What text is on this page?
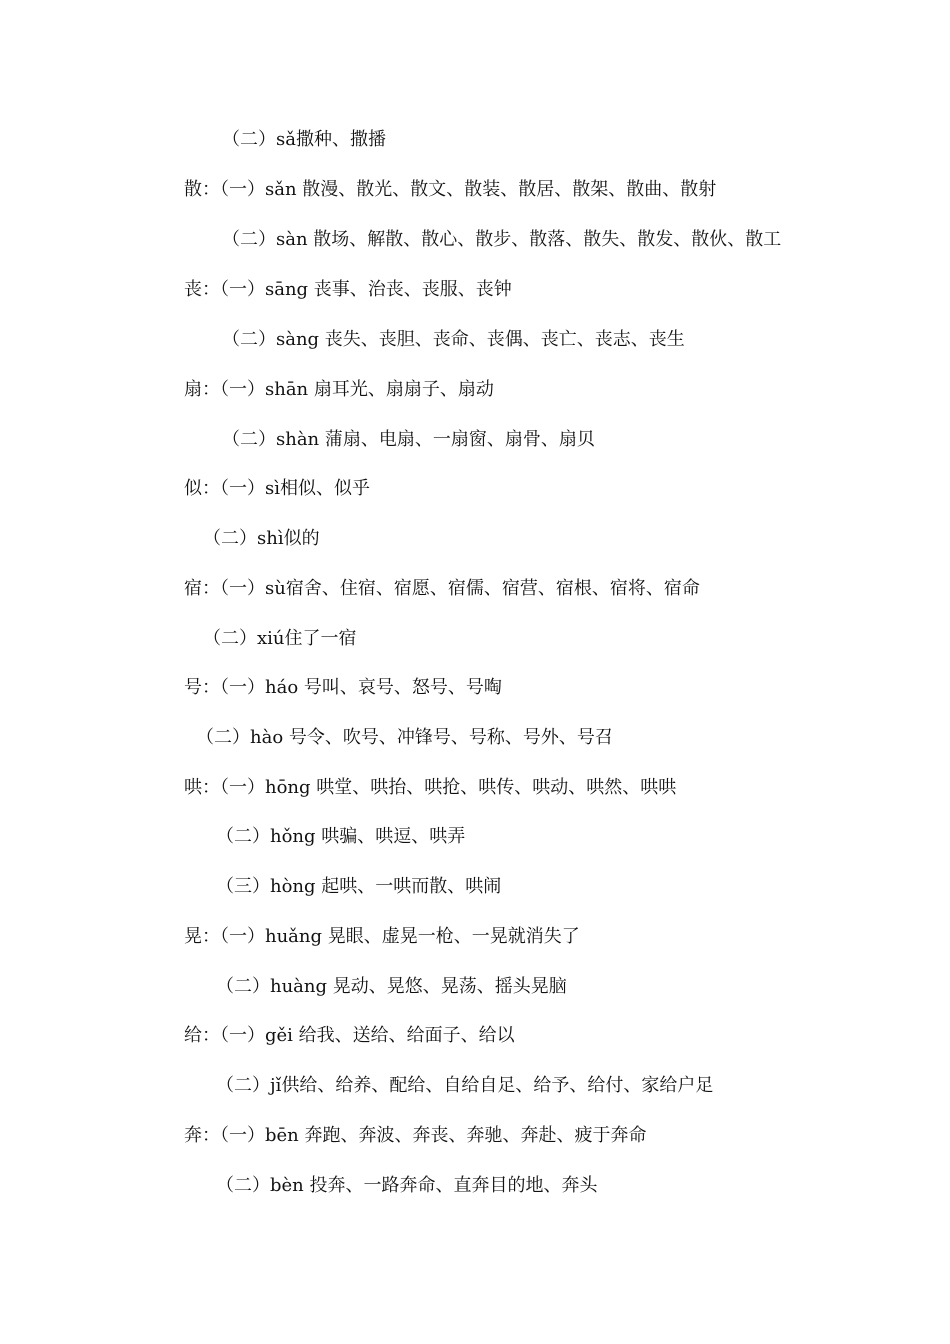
（二）sǎ撒种、撒播
散：（一）sǎn 散漫、散光、散文、散装、散居、散架、散曲、散射
（二）sàn 散场、解散、散心、散步、散落、散失、散发、散伙、散工
丧：（一）sāng 丧事、治丧、丧服、丧钟
（二）sàng 丧失、丧胆、丧命、丧偶、丧亡、丧志、丧生
扇：（一）shān 扇耳光、扇扇子、扇动
（二）shàn 蒲扇、电扇、一扇窗、扇骨、扇贝
似：（一）sì相似、似乎
（二）shì似的
宿：（一）sù宿舍、住宿、宿愿、宿儒、宿营、宿根、宿将、宿命
（二）xiú住了一宿
号：（一）háo 号叫、哀号、怒号、号啕
（二）hào 号令、吹号、冲锋号、号称、号外、号召
哄：（一）hōng 哄堂、哄抬、哄抢、哄传、哄动、哄然、哄哄
（二）hǒng 哄骗、哄逗、哄弄
（三）hòng 起哄、一哄而散、哄闹
晃：（一）huǎng 晃眼、虚晃一枪、一晃就消失了
（二）huàng 晃动、晃悠、晃荡、摇头晃脑
给：（一）gěi 给我、送给、给面子、给以
（二）jǐ供给、给养、配给、自给自足、给予、给付、家给户足
奔：（一）bēn 奔跑、奔波、奔丧、奔驰、奔赴、疲于奔命
（二）bèn 投奔、一路奔命、直奔目的地、奔头
